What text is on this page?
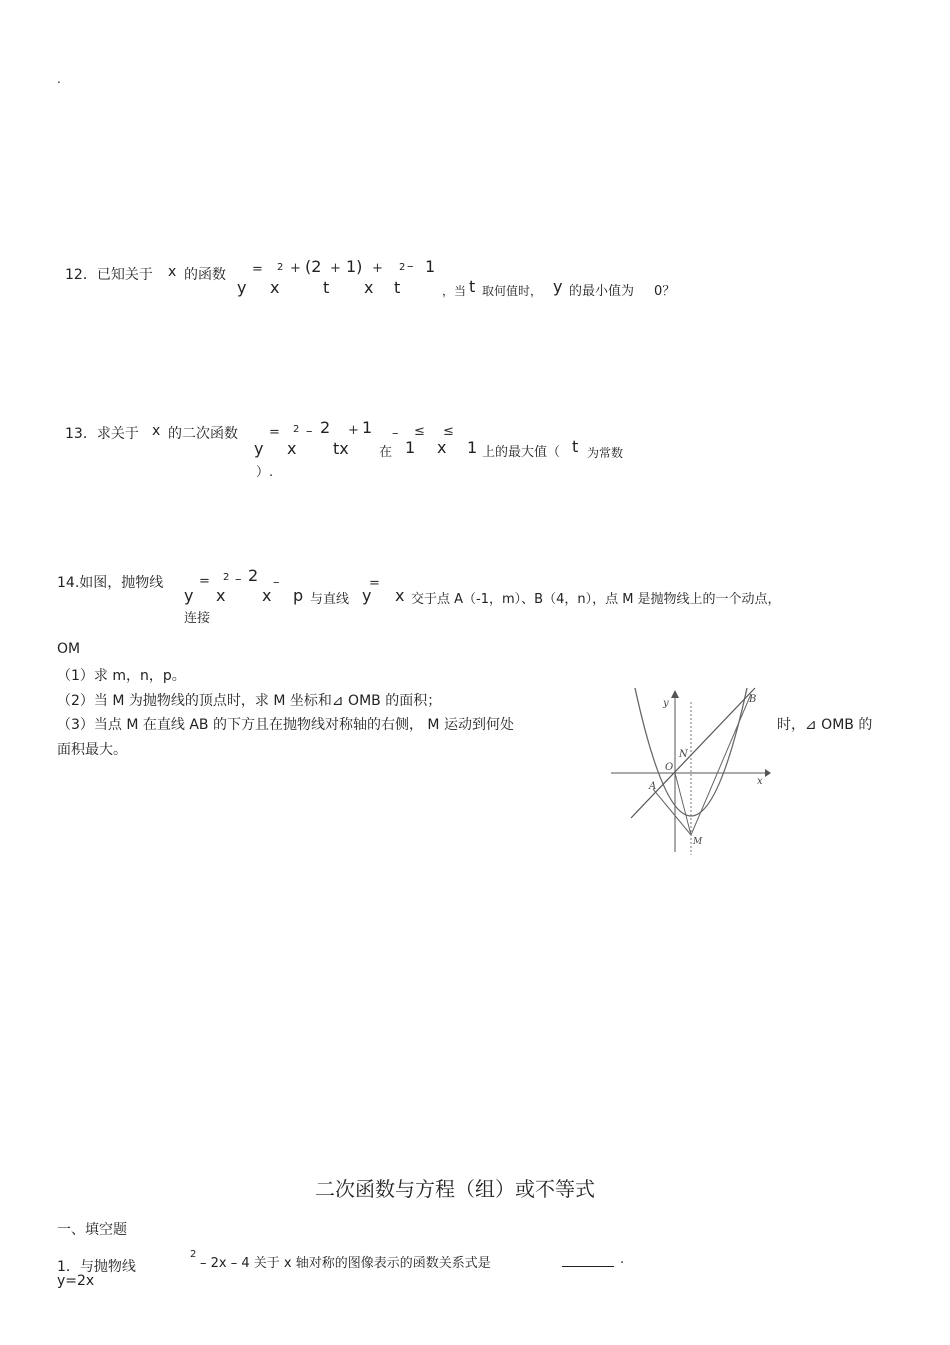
.
12．已知关于 x 的函数 = 2 + (2 + 1) + 2 – 1
y x	t x t	，当 t 取何值时， y 的最小值为 0？
13．求关于 x 的二次函数 = 2 – 2 + 1
y x tx 在
– ≤ ≤
1 x 1 上的最大值（ t 为常数
）.
14.如图，抛物线	= 2 – 2 –
y x x p 与直线 y
=
x 交于点 A（-1，m）、B（4，n），点 M 是抛物线上的一个动点，
连接
OM
（1）求 m，n，p。
（2）当 M 为抛物线的顶点时，求 M 坐标和⊿ OMB 的面积；
（3）当点 M 在直线 AB 的下方且在抛物线对称轴的右侧， M 运动到何处	时，⊿ OMB 的
面积最大。
y
x
O
N
A
B
M
二次函数与方程（组）或不等式
一、填空题
1．与抛物线
y=2x
2
– 2x – 4 关于 x 轴对称的图像表示的函数关系式是	.
